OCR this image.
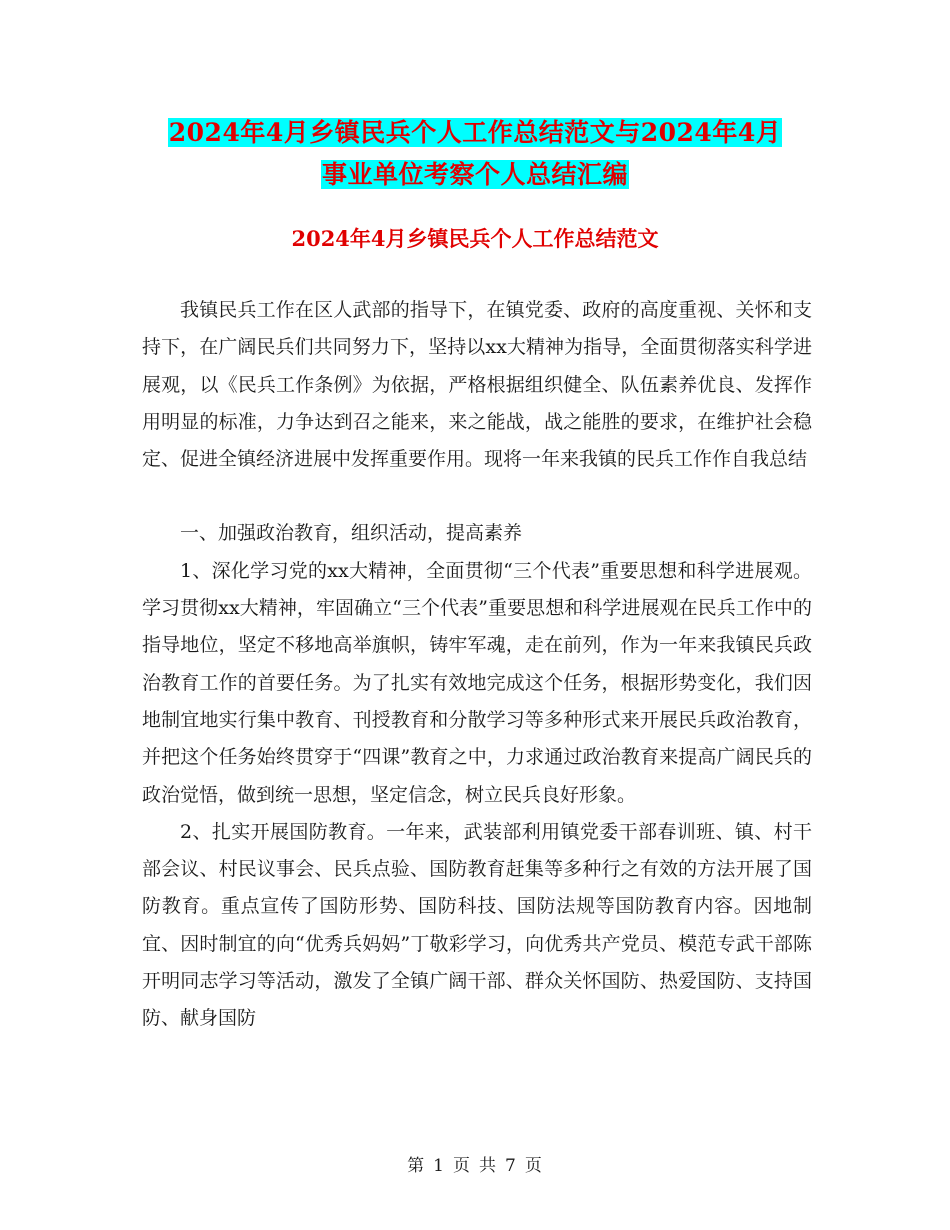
2024年4月乡镇民兵个人工作总结范文与2024年4月
事业单位考察个人总结汇编
2024年4月乡镇民兵个人工作总结范文

我镇民兵工作在区人武部的指导下，在镇党委、政府的高度重视、关怀和支持下，在广阔民兵们共同努力下，坚持以xx大精神为指导，全面贯彻落实科学进展观，以《民兵工作条例》为依据，严格根据组织健全、队伍素养优良、发挥作用明显的标准，力争达到召之能来，来之能战，战之能胜的要求，在维护社会稳定、促进全镇经济进展中发挥重要作用。现将一年来我镇的民兵工作作自我总结

一、加强政治教育，组织活动，提高素养

1、深化学习党的xx大精神，全面贯彻“三个代表”重要思想和科学进展观。学习贯彻xx大精神，牢固确立“三个代表”重要思想和科学进展观在民兵工作中的指导地位，坚定不移地高举旗帜，铸牢军魂，走在前列，作为一年来我镇民兵政治教育工作的首要任务。为了扎实有效地完成这个任务，根据形势变化，我们因地制宜地实行集中教育、刊授教育和分散学习等多种形式来开展民兵政治教育，并把这个任务始终贯穿于“四课”教育之中，力求通过政治教育来提高广阔民兵的政治觉悟，做到统一思想，坚定信念，树立民兵良好形象。

2、扎实开展国防教育。一年来，武装部利用镇党委干部春训班、镇、村干部会议、村民议事会、民兵点验、国防教育赶集等多种行之有效的方法开展了国防教育。重点宣传了国防形势、国防科技、国防法规等国防教育内容。因地制宜、因时制宜的向“优秀兵妈妈”丁敬彩学习，向优秀共产党员、模范专武干部陈开明同志学习等活动，激发了全镇广阔干部、群众关怀国防、热爱国防、支持国防、献身国防

第 1 页 共 7 页
